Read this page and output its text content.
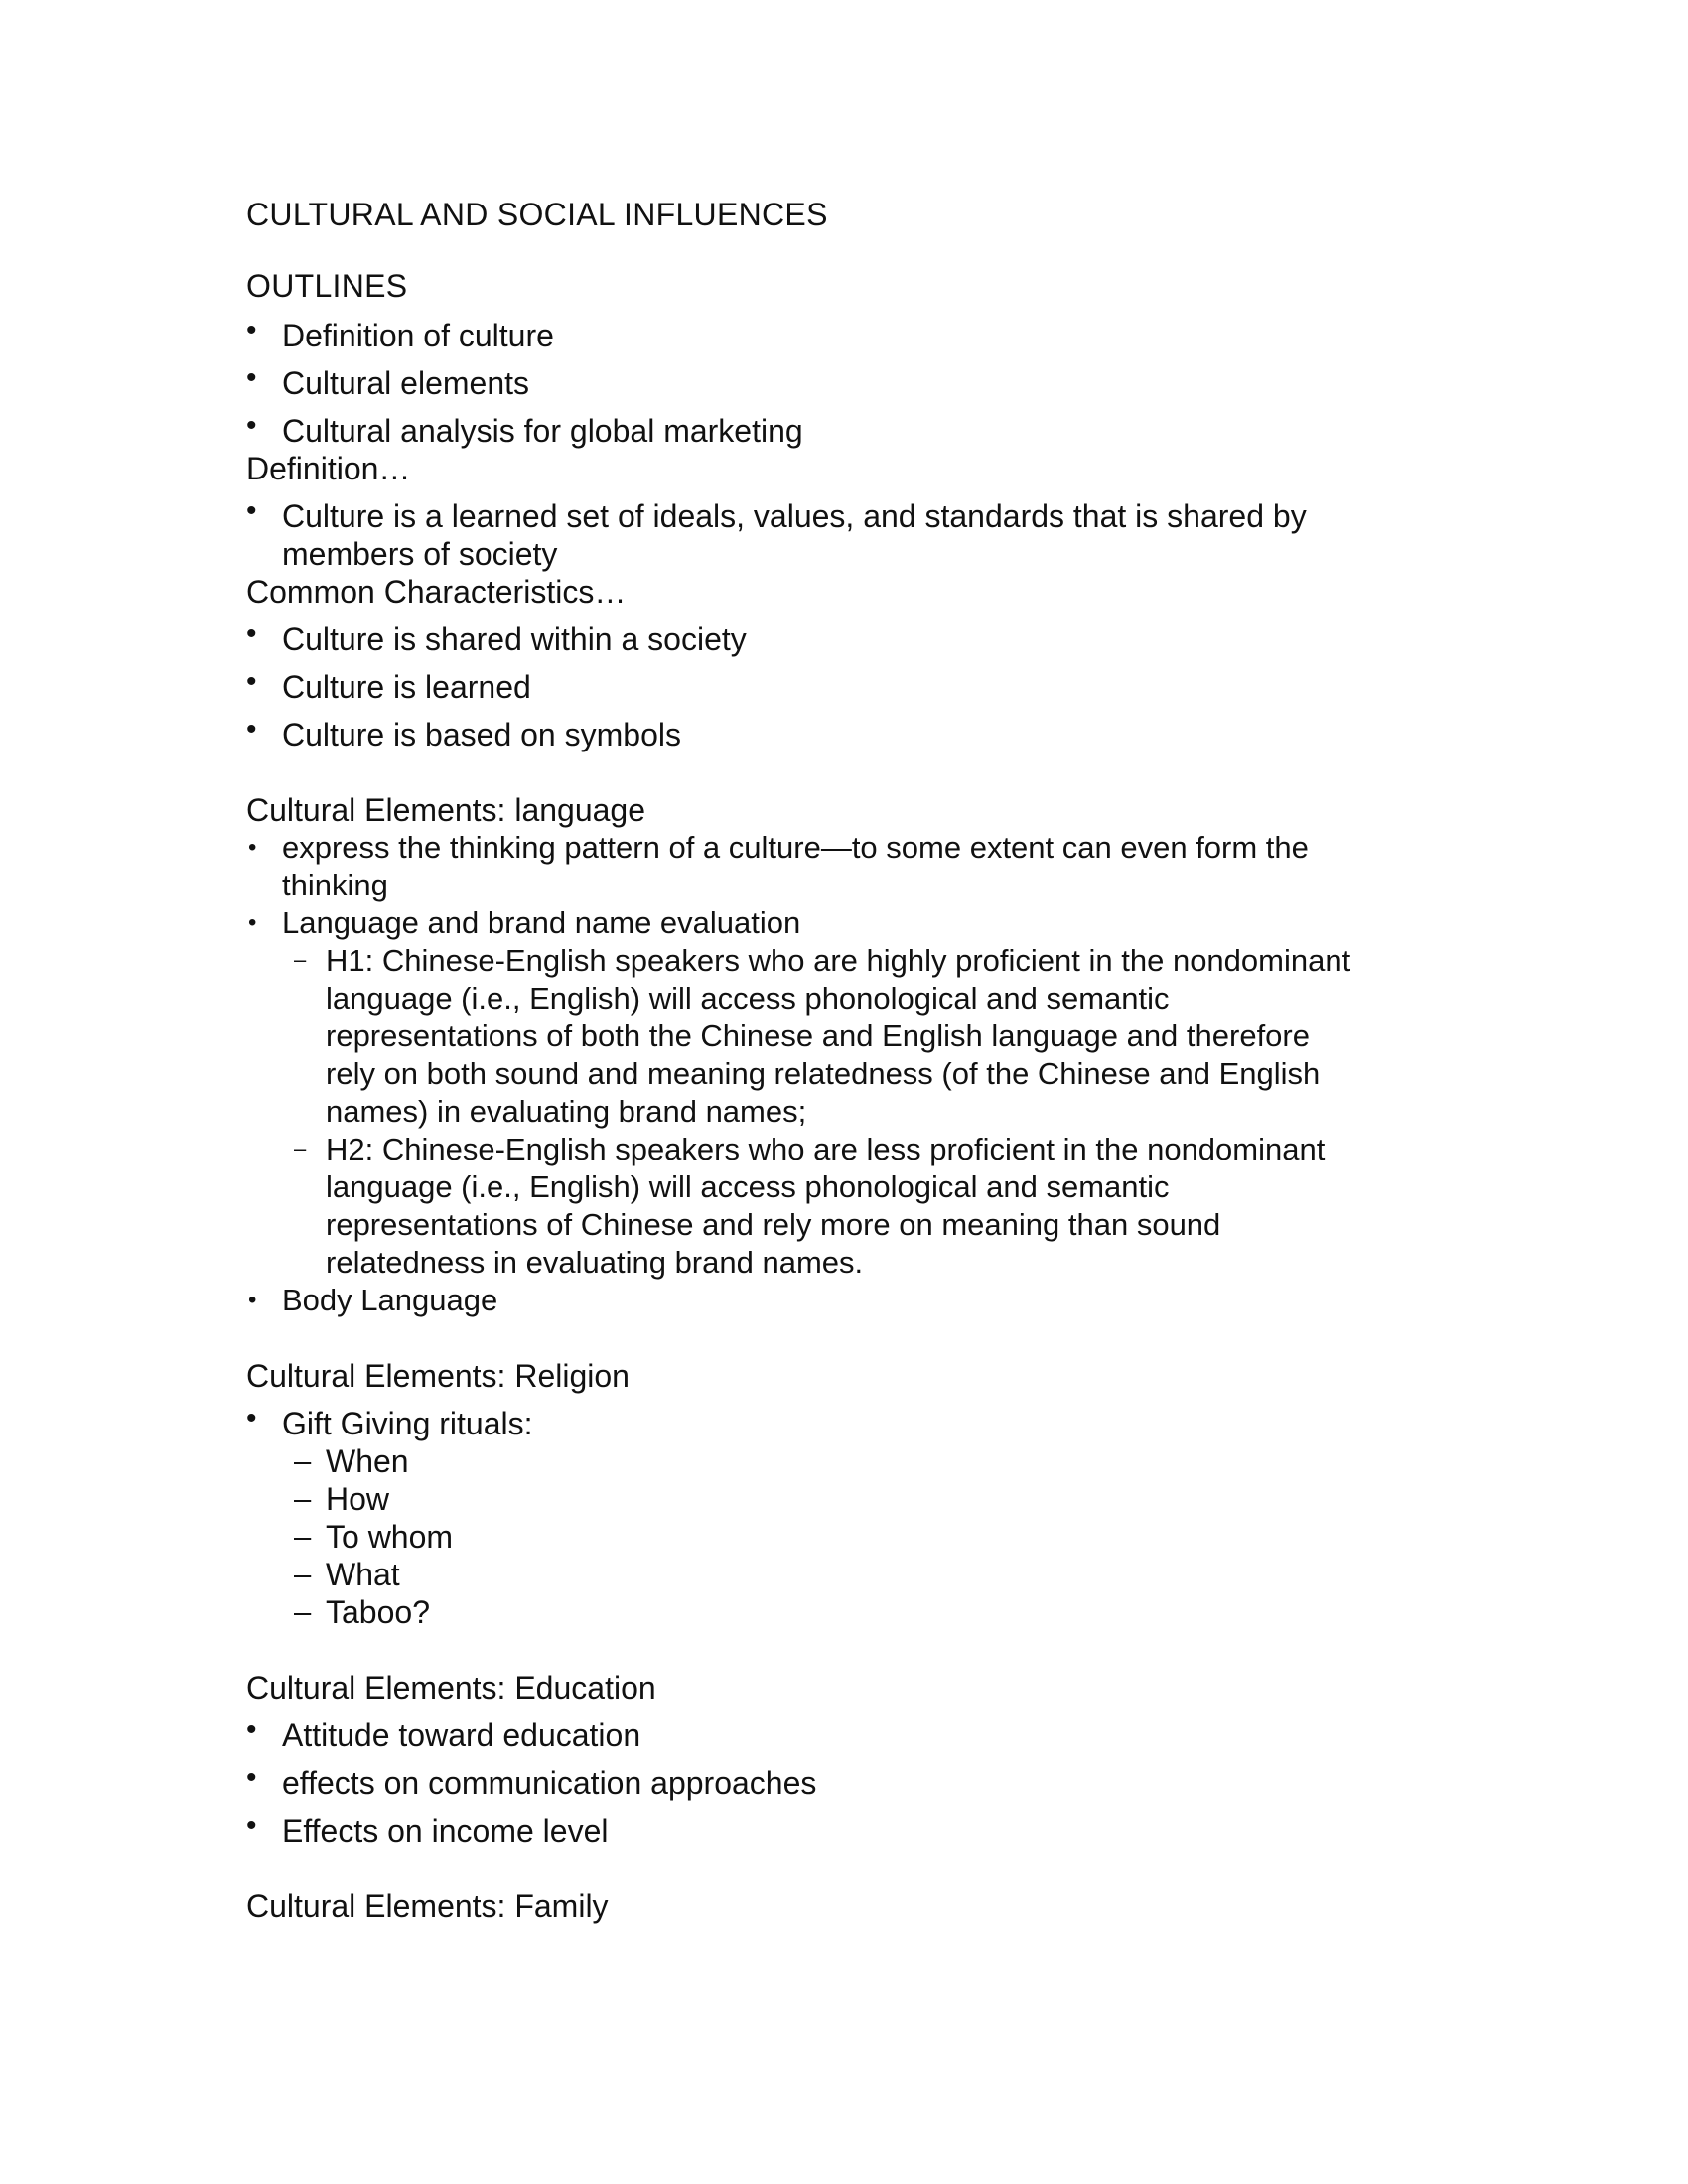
CULTURAL AND SOCIAL INFLUENCES
OUTLINES
• Definition of culture
• Cultural elements
• Cultural analysis for global marketing
Definition…
• Culture is a learned set of ideals, values, and standards that is shared by
members of society
Common Characteristics…
• Culture is shared within a society
• Culture is learned
• Culture is based on symbols
Cultural Elements: language
• express the thinking pattern of a culture—to some extent can even form the
thinking
• Language and brand name evaluation
– H1: Chinese-English speakers who are highly proficient in the nondominant
language (i.e., English) will access phonological and semantic
representations of both the Chinese and English language and therefore
rely on both sound and meaning relatedness (of the Chinese and English
names) in evaluating brand names;
– H2: Chinese-English speakers who are less proficient in the nondominant
language (i.e., English) will access phonological and semantic
representations of Chinese and rely more on meaning than sound
relatedness in evaluating brand names.
• Body Language
Cultural Elements: Religion
• Gift Giving rituals:
– When
– How
– To whom
– What
– Taboo?
Cultural Elements: Education
• Attitude toward education
• effects on communication approaches
• Effects on income level
Cultural Elements: Family
